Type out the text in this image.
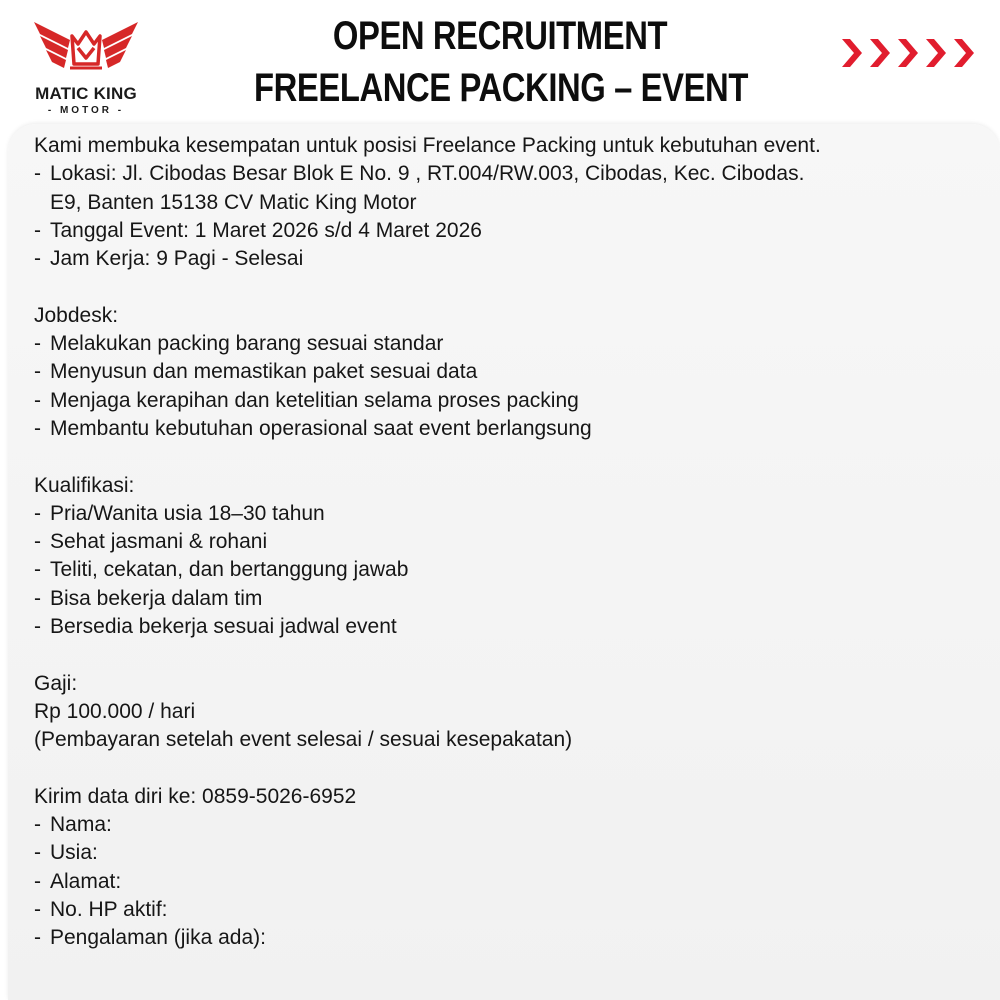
MATIC KING
- MOTOR -
OPEN RECRUITMENT
FREELANCE PACKING – EVENT

Kami membuka kesempatan untuk posisi Freelance Packing untuk kebutuhan event.

- Lokasi: Jl. Cibodas Besar Blok E No. 9 , RT.004/RW.003, Cibodas, Kec. Cibodas.
E9, Banten 15138 CV Matic King Motor
- Tanggal Event: 1 Maret 2026 s/d 4 Maret 2026
- Jam Kerja: 9 Pagi - Selesai

Jobdesk:

- Melakukan packing barang sesuai standar
- Menyusun dan memastikan paket sesuai data
- Menjaga kerapihan dan ketelitian selama proses packing
- Membantu kebutuhan operasional saat event berlangsung

Kualifikasi:

- Pria/Wanita usia 18–30 tahun
- Sehat jasmani & rohani
- Teliti, cekatan, dan bertanggung jawab
- Bisa bekerja dalam tim
- Bersedia bekerja sesuai jadwal event

Gaji:

Rp 100.000 / hari

(Pembayaran setelah event selesai / sesuai kesepakatan)

Kirim data diri ke: 0859-5026-6952

- Nama:
- Usia:
- Alamat:
- No. HP aktif:
- Pengalaman (jika ada):
